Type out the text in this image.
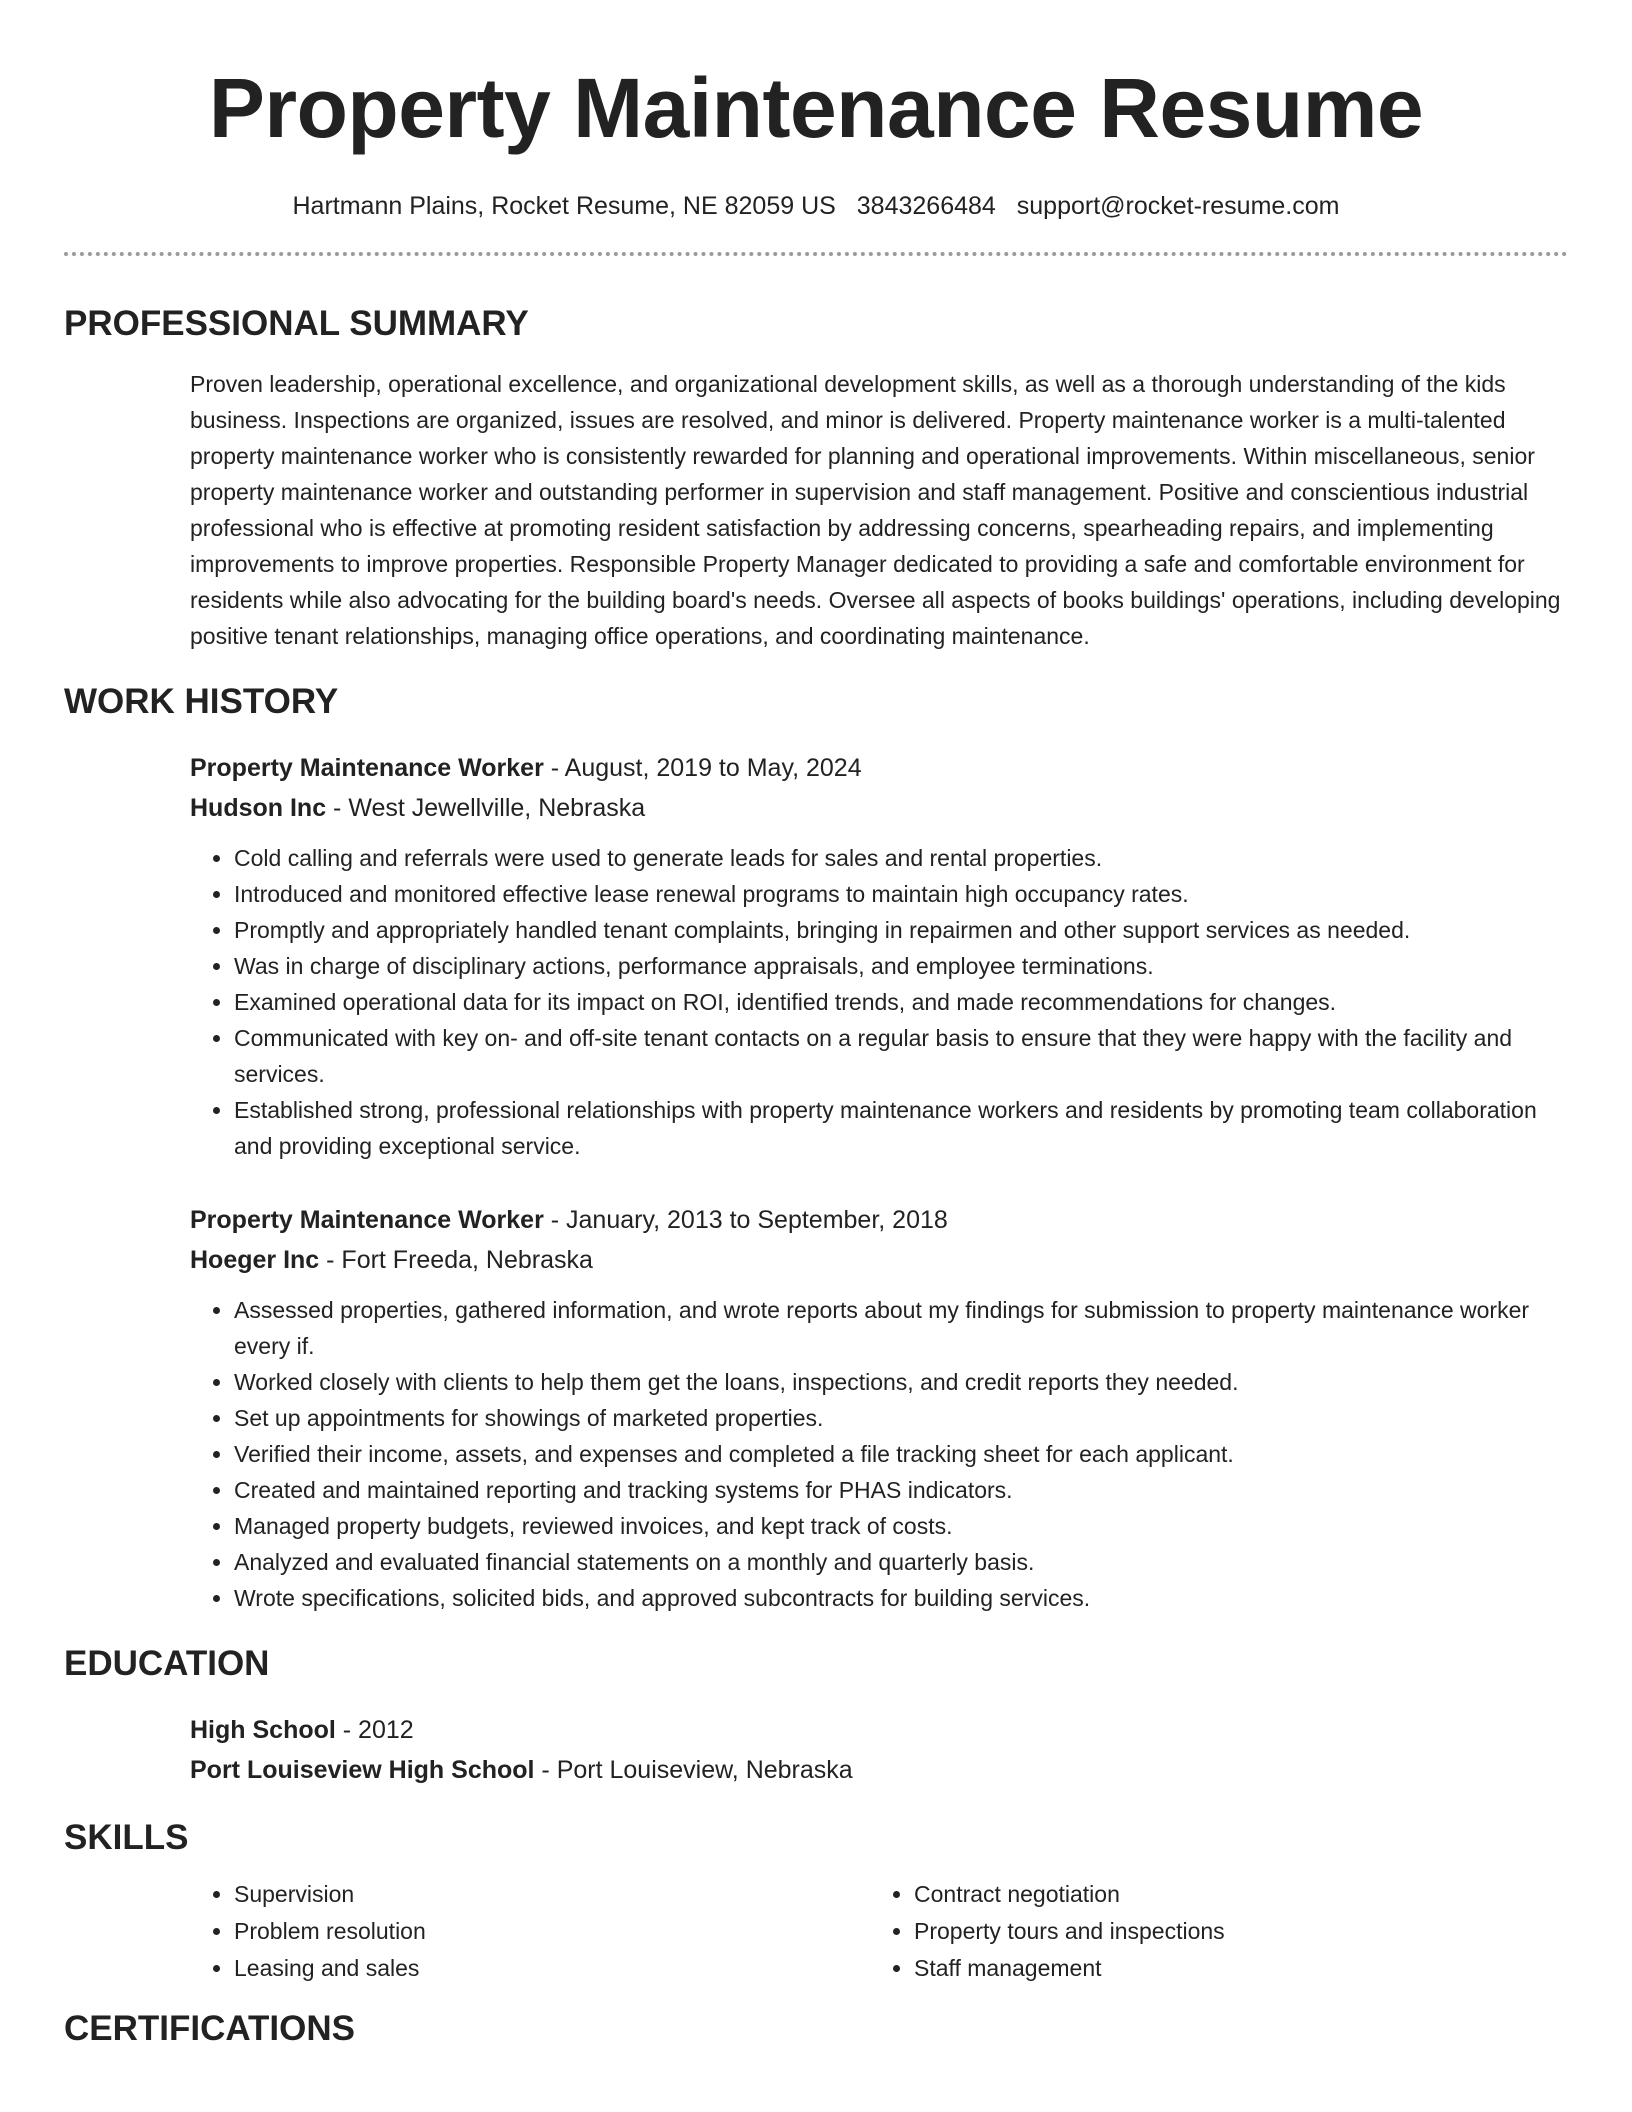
Property Maintenance Resume
Hartmann Plains, Rocket Resume, NE 82059 US 3843266484 support@rocket-resume.com
PROFESSIONAL SUMMARY

Proven leadership, operational excellence, and organizational development skills, as well as a thorough understanding of the kids business. Inspections are organized, issues are resolved, and minor is delivered. Property maintenance worker is a multi-talented property maintenance worker who is consistently rewarded for planning and operational improvements. Within miscellaneous, senior property maintenance worker and outstanding performer in supervision and staff management. Positive and conscientious industrial professional who is effective at promoting resident satisfaction by addressing concerns, spearheading repairs, and implementing improvements to improve properties. Responsible Property Manager dedicated to providing a safe and comfortable environment for residents while also advocating for the building board's needs. Oversee all aspects of books buildings' operations, including developing positive tenant relationships, managing office operations, and coordinating maintenance.

WORK HISTORY
Property Maintenance Worker - August, 2019 to May, 2024
Hudson Inc - West Jewellville, Nebraska
• Cold calling and referrals were used to generate leads for sales and rental properties.
• Introduced and monitored effective lease renewal programs to maintain high occupancy rates.
• Promptly and appropriately handled tenant complaints, bringing in repairmen and other support services as needed.
• Was in charge of disciplinary actions, performance appraisals, and employee terminations.
• Examined operational data for its impact on ROI, identified trends, and made recommendations for changes.
• Communicated with key on- and off-site tenant contacts on a regular basis to ensure that they were happy with the facility and services.
• Established strong, professional relationships with property maintenance workers and residents by promoting team collaboration and providing exceptional service.
Property Maintenance Worker - January, 2013 to September, 2018
Hoeger Inc - Fort Freeda, Nebraska
• Assessed properties, gathered information, and wrote reports about my findings for submission to property maintenance worker every if.
• Worked closely with clients to help them get the loans, inspections, and credit reports they needed.
• Set up appointments for showings of marketed properties.
• Verified their income, assets, and expenses and completed a file tracking sheet for each applicant.
• Created and maintained reporting and tracking systems for PHAS indicators.
• Managed property budgets, reviewed invoices, and kept track of costs.
• Analyzed and evaluated financial statements on a monthly and quarterly basis.
• Wrote specifications, solicited bids, and approved subcontracts for building services.
EDUCATION
High School - 2012
Port Louiseview High School - Port Louiseview, Nebraska
SKILLS
• Supervision
• Problem resolution
• Leasing and sales
• Contract negotiation
• Property tours and inspections
• Staff management
CERTIFICATIONS
